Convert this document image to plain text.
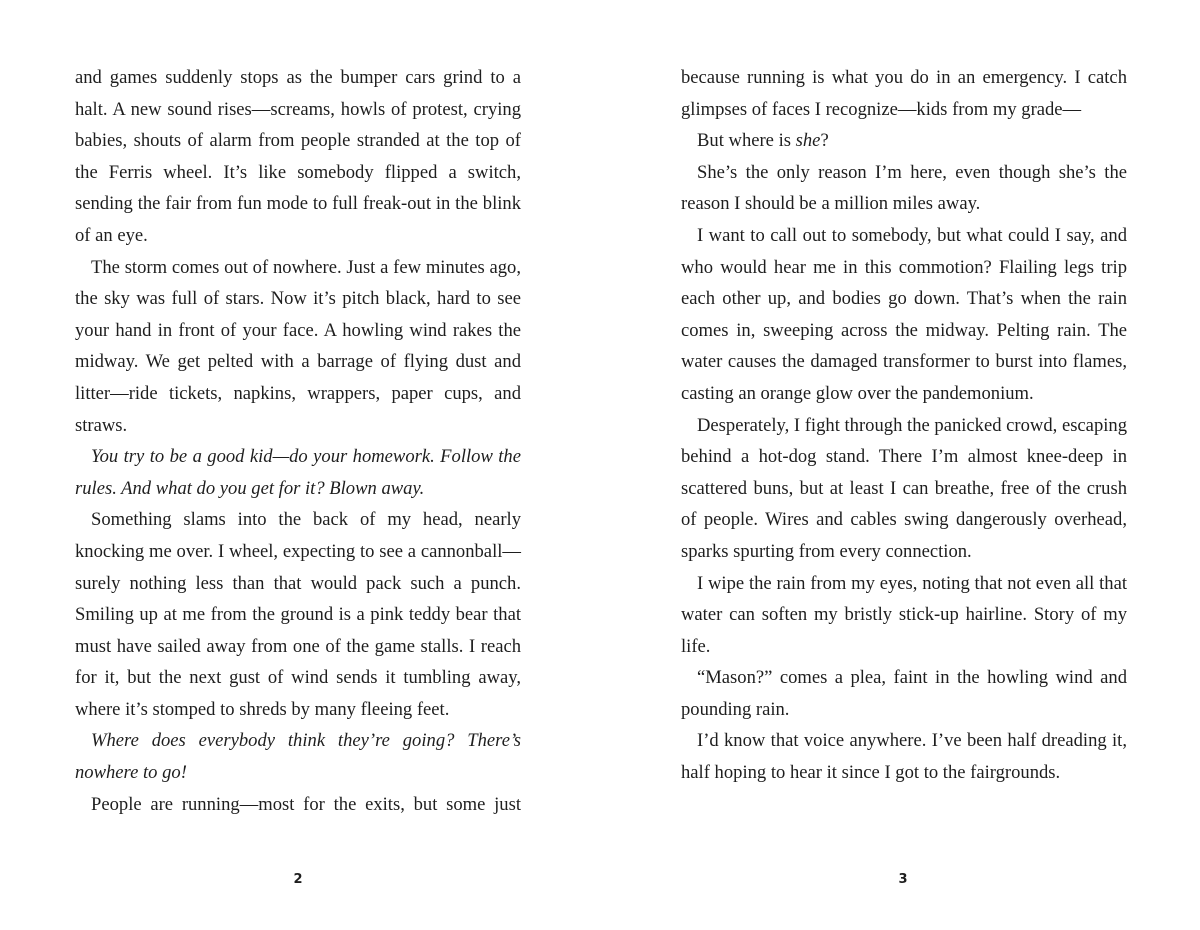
and games suddenly stops as the bumper cars grind to a halt. A new sound rises—screams, howls of protest, crying babies, shouts of alarm from people stranded at the top of the Ferris wheel. It’s like somebody flipped a switch, sending the fair from fun mode to full freak-out in the blink of an eye.

The storm comes out of nowhere. Just a few minutes ago, the sky was full of stars. Now it’s pitch black, hard to see your hand in front of your face. A howling wind rakes the midway. We get pelted with a barrage of flying dust and litter—ride tickets, napkins, wrappers, paper cups, and straws.

You try to be a good kid—do your homework. Follow the rules. And what do you get for it? Blown away.

Something slams into the back of my head, nearly knocking me over. I wheel, expecting to see a cannonball—surely nothing less than that would pack such a punch. Smiling up at me from the ground is a pink teddy bear that must have sailed away from one of the game stalls. I reach for it, but the next gust of wind sends it tumbling away, where it’s stomped to shreds by many fleeing feet.

Where does everybody think they’re going? There’s nowhere to go!

People are running—most for the exits, but some just

because running is what you do in an emergency. I catch glimpses of faces I recognize—kids from my grade—

But where is she?

She’s the only reason I’m here, even though she’s the reason I should be a million miles away.

I want to call out to somebody, but what could I say, and who would hear me in this commotion? Flailing legs trip each other up, and bodies go down. That’s when the rain comes in, sweeping across the midway. Pelting rain. The water causes the damaged transformer to burst into flames, casting an orange glow over the pandemonium.

Desperately, I fight through the panicked crowd, escaping behind a hot-dog stand. There I’m almost knee-deep in scattered buns, but at least I can breathe, free of the crush of people. Wires and cables swing dangerously overhead, sparks spurting from every connection.

I wipe the rain from my eyes, noting that not even all that water can soften my bristly stick-up hairline. Story of my life.

“Mason?” comes a plea, faint in the howling wind and pounding rain.

I’d know that voice anywhere. I’ve been half dreading it, half hoping to hear it since I got to the fairgrounds.

2	3
